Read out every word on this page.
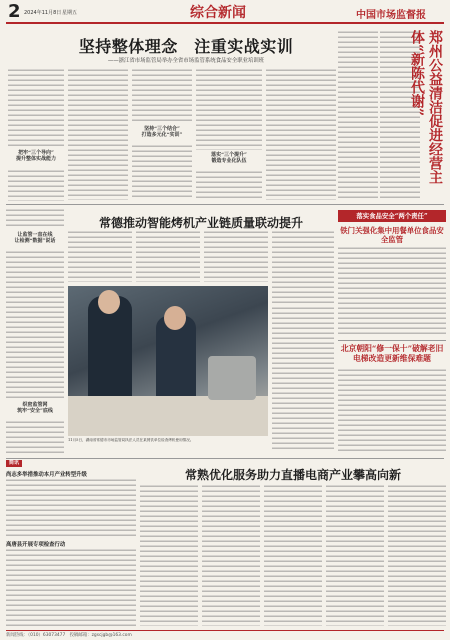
2 2024年11月8日 星期五	综合新闻	中国市场监督报
坚持整体理念　注重实战实训
——浙江省市场监管局举办全省市场监管系统食品安全职业培训班
把牢“三个导向”
提升整体实战能力
坚持“三个结合”
打造多元化“实训”
落实“三个提升”
锻造专业化队伍	郑州公益清洁促进经营主体“新陈代谢”
让监管一直在线
让检测“数据”说话
织密监管网
筑牢“安全”底线
常德推动智能烤机产业链质量联动提升
11月5日，湖南省常德市市场监管局执法人员在某餐饮单位检查烤机使用情况。
落实食品安全“两个责任”
铁门关强化集中用餐单位食品安全监管
北京朝阳“修一保十”破解老旧电梯改造更新维保难题
简讯
尚志多举措推动本月产业转型升级
高唐县开展专项检查行动
常熟优化服务助力直播电商产业攀高向新
新闻热线：（010）63073477　投稿邮箱：zgscjgb@163.com
